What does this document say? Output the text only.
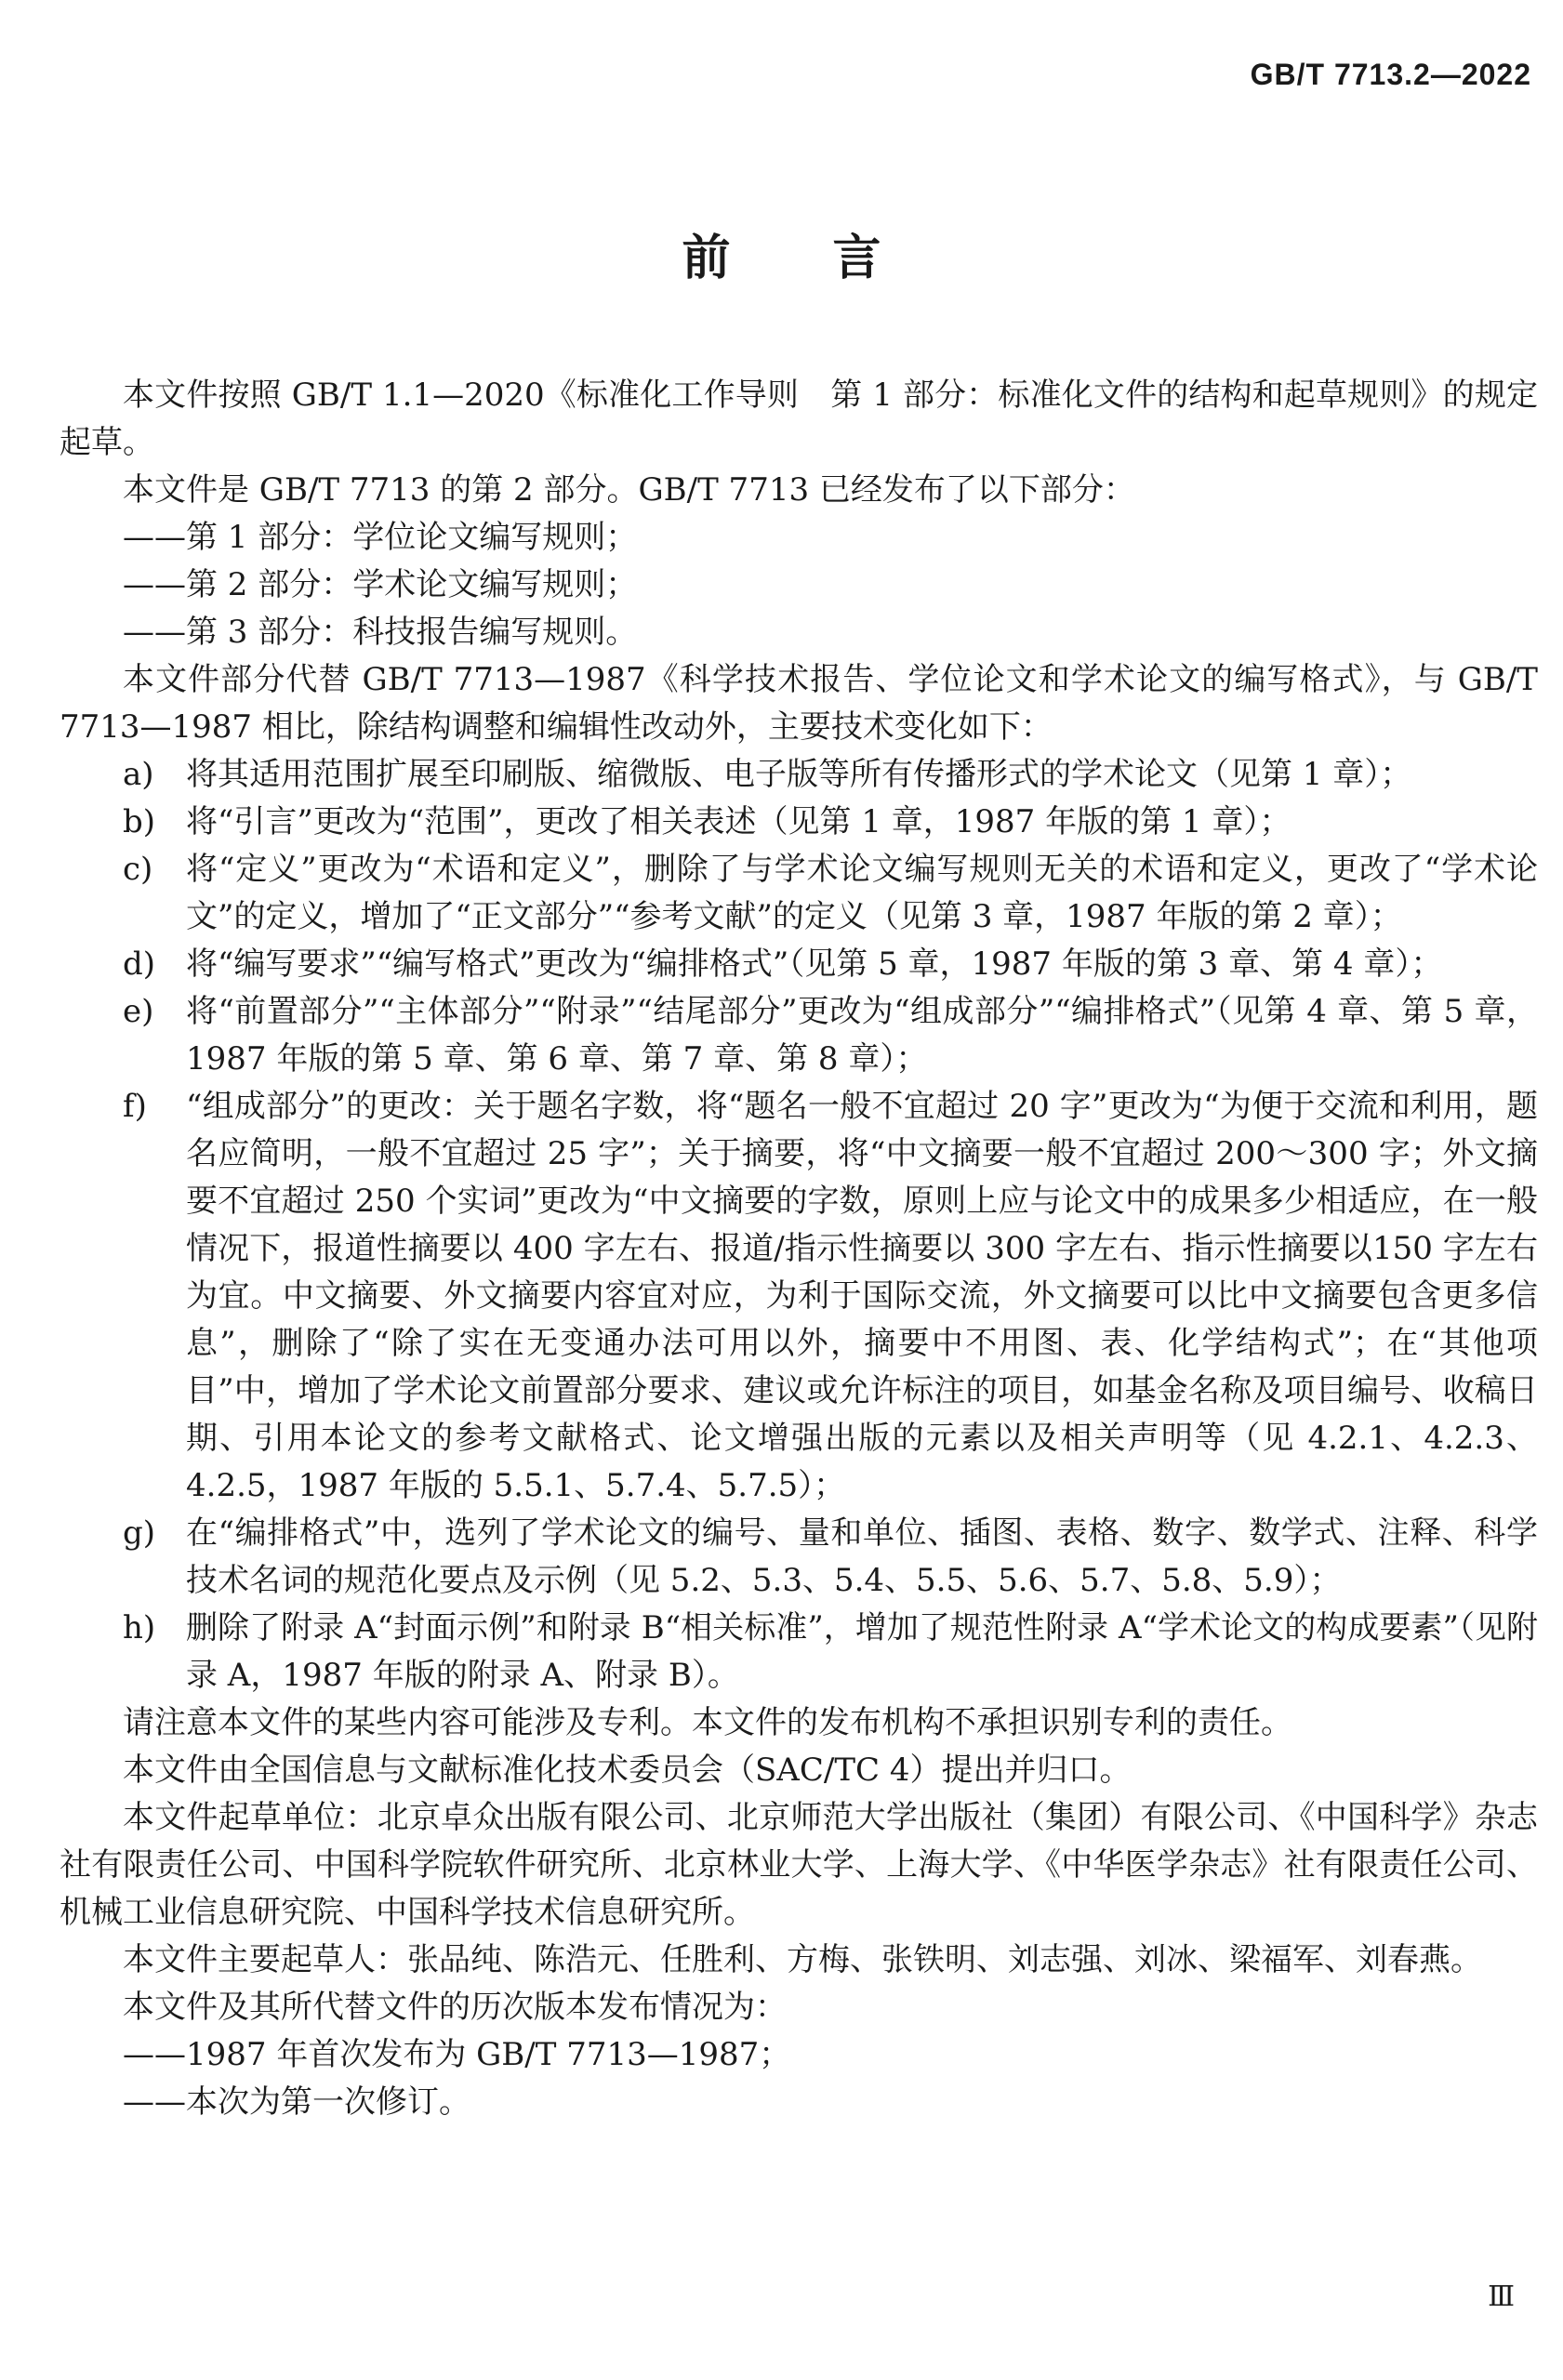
GB/T 7713.2—2022
前言

本文件按照 GB/T 1.1—2020《标准化工作导则　第 1 部分：标准化文件的结构和起草规则》的规定起草。

本文件是 GB/T 7713 的第 2 部分。GB/T 7713 已经发布了以下部分：

——第 1 部分：学位论文编写规则；

——第 2 部分：学术论文编写规则；

——第 3 部分：科技报告编写规则。

本文件部分代替 GB/T 7713—1987《科学技术报告、学位论文和学术论文的编写格式》，与 GB/T 7713—1987 相比，除结构调整和编辑性改动外，主要技术变化如下：

a)	将其适用范围扩展至印刷版、缩微版、电子版等所有传播形式的学术论文（见第 1 章）；
b) 将“引言”更改为“范围”，更改了相关表述（见第 1 章，1987 年版的第 1 章）；
c)	将“定义”更改为“术语和定义”，删除了与学术论文编写规则无关的术语和定义，更改了“学术论文”的定义，增加了“正文部分”“参考文献”的定义（见第 3 章，1987 年版的第 2 章）；
d) 将“编写要求”“编写格式”更改为“编排格式”（见第 5 章，1987 年版的第 3 章、第 4 章）；
e)	将“前置部分”“主体部分”“附录”“结尾部分”更改为“组成部分”“编排格式”（见第 4 章、第 5 章，1987 年版的第 5 章、第 6 章、第 7 章、第 8 章）；
f)	“组成部分”的更改：关于题名字数，将“题名一般不宜超过 20 字”更改为“为便于交流和利用，题名应简明，一般不宜超过 25 字”；关于摘要，将“中文摘要一般不宜超过 200～300 字；外文摘要不宜超过 250 个实词”更改为“中文摘要的字数，原则上应与论文中的成果多少相适应，在一般情况下，报道性摘要以 400 字左右、报道/指示性摘要以 300 字左右、指示性摘要以150 字左右为宜。中文摘要、外文摘要内容宜对应，为利于国际交流，外文摘要可以比中文摘要包含更多信息”，删除了“除了实在无变通办法可用以外，摘要中不用图、表、化学结构式”；在“其他项目”中，增加了学术论文前置部分要求、建议或允许标注的项目，如基金名称及项目编号、收稿日期、引用本论文的参考文献格式、论文增强出版的元素以及相关声明等（见 4.2.1、4.2.3、4.2.5，1987 年版的 5.5.1、5.7.4、5.7.5）；
g) 在“编排格式”中，选列了学术论文的编号、量和单位、插图、表格、数字、数学式、注释、科学技术名词的规范化要点及示例（见 5.2、5.3、5.4、5.5、5.6、5.7、5.8、5.9）；
h) 删除了附录 A“封面示例”和附录 B“相关标准”，增加了规范性附录 A“学术论文的构成要素”（见附录 A，1987 年版的附录 A、附录 B）。

请注意本文件的某些内容可能涉及专利。本文件的发布机构不承担识别专利的责任。

本文件由全国信息与文献标准化技术委员会（SAC/TC 4）提出并归口。

本文件起草单位：北京卓众出版有限公司、北京师范大学出版社（集团）有限公司、《中国科学》杂志社有限责任公司、中国科学院软件研究所、北京林业大学、上海大学、《中华医学杂志》社有限责任公司、机械工业信息研究院、中国科学技术信息研究所。

本文件主要起草人：张品纯、陈浩元、任胜利、方梅、张铁明、刘志强、刘冰、梁福军、刘春燕。

本文件及其所代替文件的历次版本发布情况为：

——1987 年首次发布为 GB/T 7713—1987；

——本次为第一次修订。

Ⅲ
